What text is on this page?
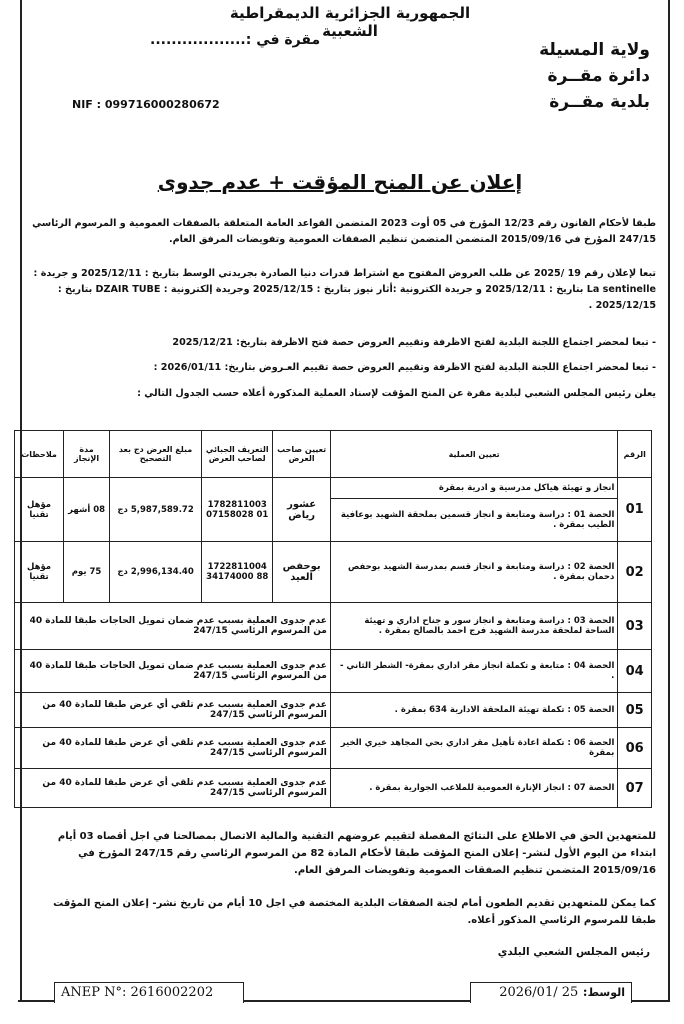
الجمهورية الجزائرية الديمقراطية الشعبية
مقرة في :..................	ولاية المسيلة
دائرة مقــرة
بلدية مقــرة
NIF : 099716000280672
إعلان عن المنح المؤقت + عدم جدوى
طبقا لأحكام القانون رقم 12/23 المؤرخ في 05 أوت 2023 المتضمن القواعد العامة المتعلقة بالصفقات العمومية و المرسوم الرئاسي 247/15 المؤرخ في 2015/09/16 المتضمن المتضمن تنظيم الصفقات العمومية وتفويضات المرفق العام.
تبعا لإعلان رقم 19 /2025 عن طلب العروض المفتوح مع اشتراط قدرات دنيا الصادرة بجريدتي الوسط بتاريخ : 2025/12/11 و جريدة : La sentinelle بتاريخ : 2025/12/11 و جريدة الكترونية :أثار نيوز بتاريخ : 2025/12/15 وجريدة إلكترونية : DZAIR TUBE بتاريخ : 2025/12/15 .
- تبعا لمحضر اجتماع اللجنة البلدية لفتح الاظرفة وتقييم العروض حصة فتح الاظرفة بتاريخ: 2025/12/21
- تبعا لمحضر اجتماع اللجنة البلدية لفتح الاظرفة وتقييم العروض حصة تقييم العـروض بتاريخ: 2026/01/11 :
يعلن رئيس المجلس الشعبي لبلدية مقرة عن المنح المؤقت لإسناد العملية المذكورة أعلاه حسب الجدول التالي :
الرقم	تعيين العملية	تعيين صاحب العرض	التعريف الجبائي لصاحب العرض	مبلغ العرض دج بعد التصحيح	مدة الإنجاز	ملاحظات
01	انجاز و تهيئة هياكل مدرسية و ادرية بمقرة	عشور رياض	178281100307158028 01	5,987,589.72 دج	08 أشهر	مؤهل تقنيا
	الحصة 01 : دراسة ومتابعة و انجاز قسمين بملحقة الشهيد بوعافية الطيب بمقرة .					
02	الحصة 02 : دراسة ومتابعة و انجاز قسم بمدرسة الشهيد بوحفص دحمان بمقرة .	بوحفص العيد	172281100434174000 88	2,996,134.40 دج	75 يوم	مؤهل تقنيا
03	الحصة 03 : دراسة ومتابعة و انجاز سور و جناح اداري و تهيئة الساحة لملحقة مدرسة الشهيد فرج احمد بالصالح بمقرة .	عدم جدوى العملية بسبب عدم ضمان تمويل الحاجات طبقا للمادة 40 من المرسوم الرئاسي 247/15				
04	الحصة 04 : متابعة و تكملة انجاز مقر اداري بمقرة- الشطر الثاني - .	عدم جدوى العملية بسبب عدم ضمان تمويل الحاجات طبقا للمادة 40 من المرسوم الرئاسي 247/15				
05	الحصة 05 : تكملة تهيئة الملحقة الادارية 634 بمقرة .	عدم جدوى العملية بسبب عدم تلقي أي عرض طبقا للمادة 40 من المرسوم الرئاسي 247/15				
06	الحصة 06 : تكملة اعادة تأهيل مقر اداري بحي المجاهد خيري الخير بمقرة	عدم جدوى العملية بسبب عدم تلقي أي عرض طبقا للمادة 40 من المرسوم الرئاسي 247/15				
07	الحصة 07 : انجاز الإنارة العمومية للملاعب الجوارية بمقرة .	عدم جدوى العملية بسبب عدم تلقي أي عرض طبقا للمادة 40 من المرسوم الرئاسي 247/15				
للمتعهدين الحق في الاطلاع على النتائج المفصلة لتقييم عروضهم التقنية والمالية الاتصال بمصالحنا في اجل أقصاه 03 أيام ابتداء من اليوم الأول لنشر- إعلان المنح المؤقت طبقا لأحكام المادة 82 من المرسوم الرئاسي رقم 247/15 المؤرخ في 2015/09/16 المتضمن تنظيم الصفقات العمومية وتفويضات المرفق العام.
كما يمكن للمتعهدين تقديم الطعون أمام لجنة الصفقات البلدية المختصة في اجل 10 أيام من تاريخ نشر- إعلان المنح المؤقت طبقا للمرسوم الرئاسي المذكور أعلاه.
رئيس المجلس الشعبي البلدي
ANEP N°: 2616002202	الوسط: 2026/01/ 25
